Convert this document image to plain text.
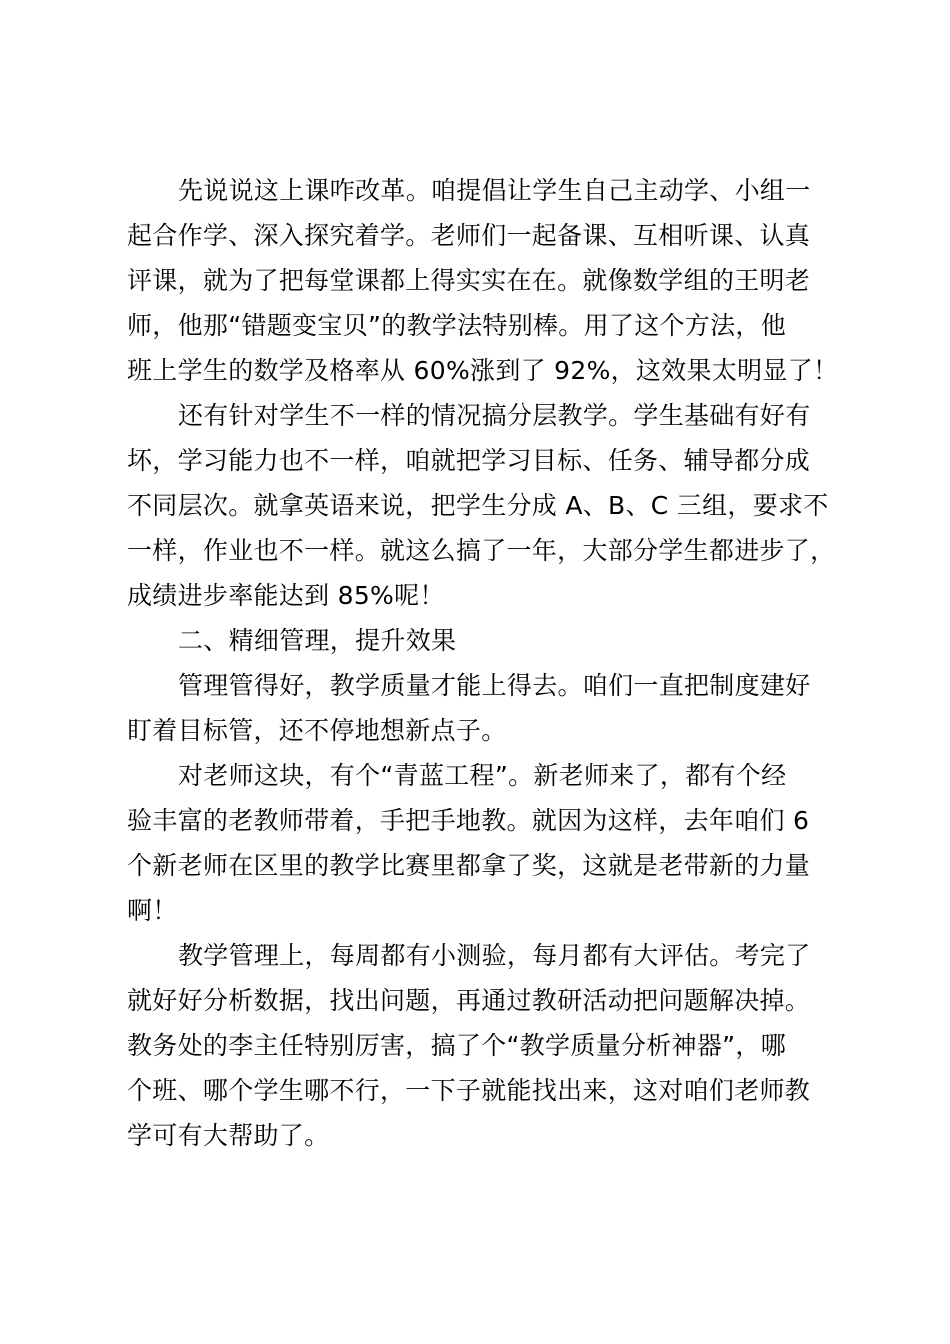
先说说这上课咋改革。咱提倡让学生自己主动学、小组一
起合作学、深入探究着学。老师们一起备课、互相听课、认真
评课，就为了把每堂课都上得实实在在。就像数学组的王明老
师，他那“错题变宝贝”的教学法特别棒。用了这个方法，他
班上学生的数学及格率从 60%涨到了 92%，这效果太明显了！
还有针对学生不一样的情况搞分层教学。学生基础有好有
坏，学习能力也不一样，咱就把学习目标、任务、辅导都分成
不同层次。就拿英语来说，把学生分成 A、B、C 三组，要求不
一样，作业也不一样。就这么搞了一年，大部分学生都进步了，
成绩进步率能达到 85%呢！
二、精细管理，提升效果
管理管得好，教学质量才能上得去。咱们一直把制度建好
盯着目标管，还不停地想新点子。
对老师这块，有个“青蓝工程”。新老师来了，都有个经
验丰富的老教师带着，手把手地教。就因为这样，去年咱们 6
个新老师在区里的教学比赛里都拿了奖，这就是老带新的力量
啊！
教学管理上，每周都有小测验，每月都有大评估。考完了
就好好分析数据，找出问题，再通过教研活动把问题解决掉。
教务处的李主任特别厉害，搞了个“教学质量分析神器”，哪
个班、哪个学生哪不行，一下子就能找出来，这对咱们老师教
学可有大帮助了。
